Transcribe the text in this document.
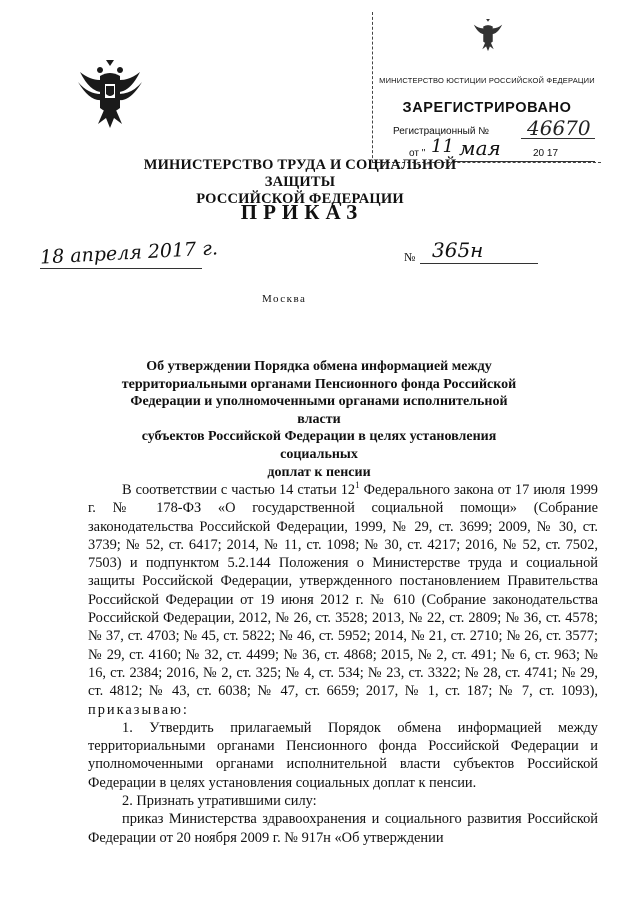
МИНИСТЕРСТВО ЮСТИЦИИ РОССИЙСКОЙ ФЕДЕРАЦИИ
ЗАРЕГИСТРИРОВАНО
Регистрационный № 46670
от " 11 мая	20 17
МИНИСТЕРСТВО ТРУДА И СОЦИАЛЬНОЙ ЗАЩИТЫ
РОССИЙСКОЙ ФЕДЕРАЦИИ
ПРИКАЗ
18 апреля 2017 г.	№ 365н
Москва
Об утверждении Порядка обмена информацией между
территориальными органами Пенсионного фонда Российской
Федерации и уполномоченными органами исполнительной власти
субъектов Российской Федерации в целях установления социальных
доплат к пенсии

В соответствии с частью 14 статьи $12^1$ Федерального закона от 17 июля 1999 г. № 178-ФЗ «О государственной социальной помощи» (Собрание законодательства Российской Федерации, 1999, № 29, ст. 3699; 2009, № 30, ст. 3739; № 52, ст. 6417; 2014, № 11, ст. 1098; № 30, ст. 4217; 2016, № 52, ст. 7502, 7503) и подпунктом 5.2.144 Положения о Министерстве труда и социальной защиты Российской Федерации, утвержденного постановлением Правительства Российской Федерации от 19 июня 2012 г. № 610 (Собрание законодательства Российской Федерации, 2012, № 26, ст. 3528; 2013, № 22, ст. 2809; № 36, ст. 4578; № 37, ст. 4703; № 45, ст. 5822; № 46, ст. 5952; 2014, № 21, ст. 2710; № 26, ст. 3577; № 29, ст. 4160; № 32, ст. 4499; № 36, ст. 4868; 2015, № 2, ст. 491; № 6, ст. 963; № 16, ст. 2384; 2016, № 2, ст. 325; № 4, ст. 534; № 23, ст. 3322; № 28, ст. 4741; № 29, ст. 4812; № 43, ст. 6038; № 47, ст. 6659; 2017, № 1, ст. 187; № 7, ст. 1093), приказываю:

1. Утвердить прилагаемый Порядок обмена информацией между территориальными органами Пенсионного фонда Российской Федерации и уполномоченными органами исполнительной власти субъектов Российской Федерации в целях установления социальных доплат к пенсии.

2. Признать утратившими силу:

приказ Министерства здравоохранения и социального развития Российской Федерации от 20 ноября 2009 г. № 917н «Об утверждении
